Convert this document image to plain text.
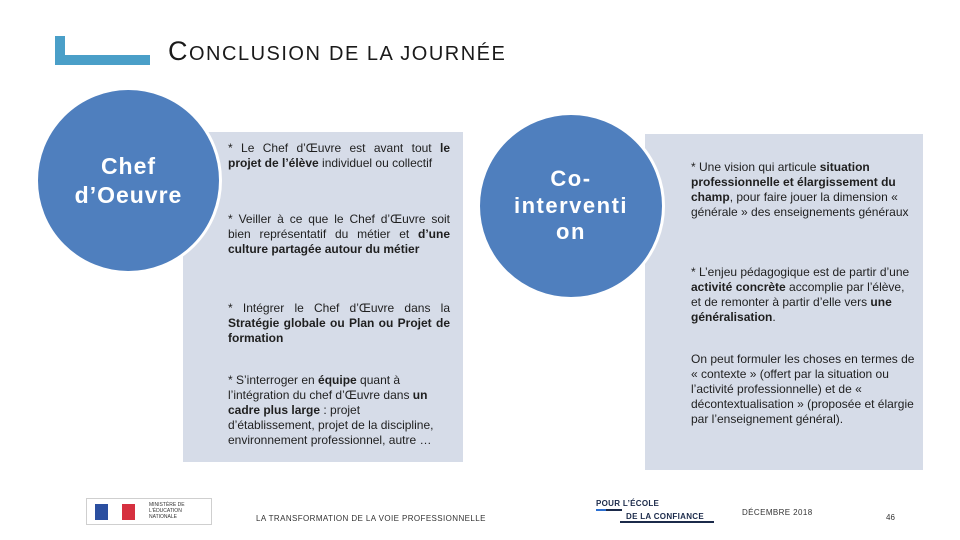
CONCLUSION DE LA JOURNÉE
Chef
d’Oeuvre
Co-interventi on
* Le Chef d’Œuvre est avant tout le projet de l’élève individuel ou collectif
* Veiller à ce que le Chef d’Œuvre soit bien représentatif du métier et d’une culture partagée autour du métier
* Intégrer le Chef d’Œuvre dans la Stratégie globale ou Plan ou Projet de formation
* S’interroger en équipe quant à l’intégration du chef d’Œuvre dans un cadre plus large : projet d’établissement, projet de la discipline, environnement professionnel, autre …
* Une vision qui articule situation professionnelle et élargissement du champ, pour faire jouer la dimension « générale » des enseignements généraux
* L’enjeu pédagogique est de partir d’une activité concrète accomplie par l’élève, et de remonter à partir d’elle vers une généralisation.
On peut formuler les choses en termes de « contexte » (offert par la situation ou l’activité professionnelle) et de « décontextualisation » (proposée et élargie par l’enseignement général).
MINISTÈRE DE L'ÉDUCATION NATIONALE	LA TRANSFORMATION DE LA VOIE PROFESSIONNELLE
POUR L’ÉCOLE
DE LA CONFIANCE	DÉCEMBRE 2018
46
